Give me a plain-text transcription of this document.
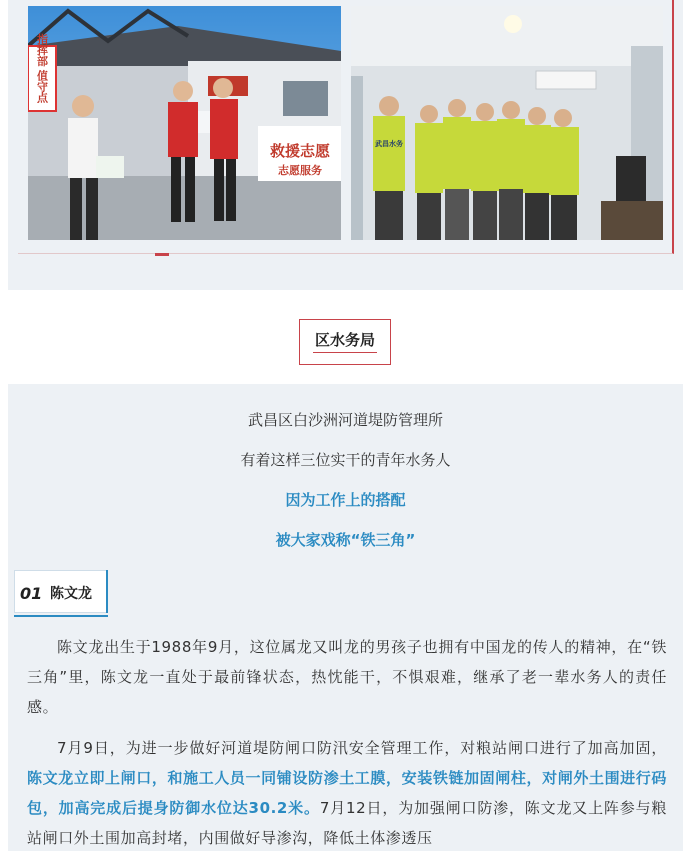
指挥部 值守点
救援志愿
志愿服务
武昌水务
区水务局
武昌区白沙洲河道堤防管理所
有着这样三位实干的青年水务人
因为工作上的搭配
被大家戏称“铁三角”
01 陈文龙

陈文龙出生于1988年9月，这位属龙又叫龙的男孩子也拥有中国龙的传人的精神，在“铁三角”里，陈文龙一直处于最前锋状态，热忱能干，不惧艰难，继承了老一辈水务人的责任感。

7月9日，为进一步做好河道堤防闸口防汛安全管理工作，对粮站闸口进行了加高加固，陈文龙立即上闸口，和施工人员一同铺设防渗土工膜，安装铁链加固闸柱，对闸外土围进行码包，加高完成后提身防御水位达30.2米。7月12日，为加强闸口防渗，陈文龙又上阵参与粮站闸口外土围加高封堵，内围做好导渗沟，降低土体渗透压
